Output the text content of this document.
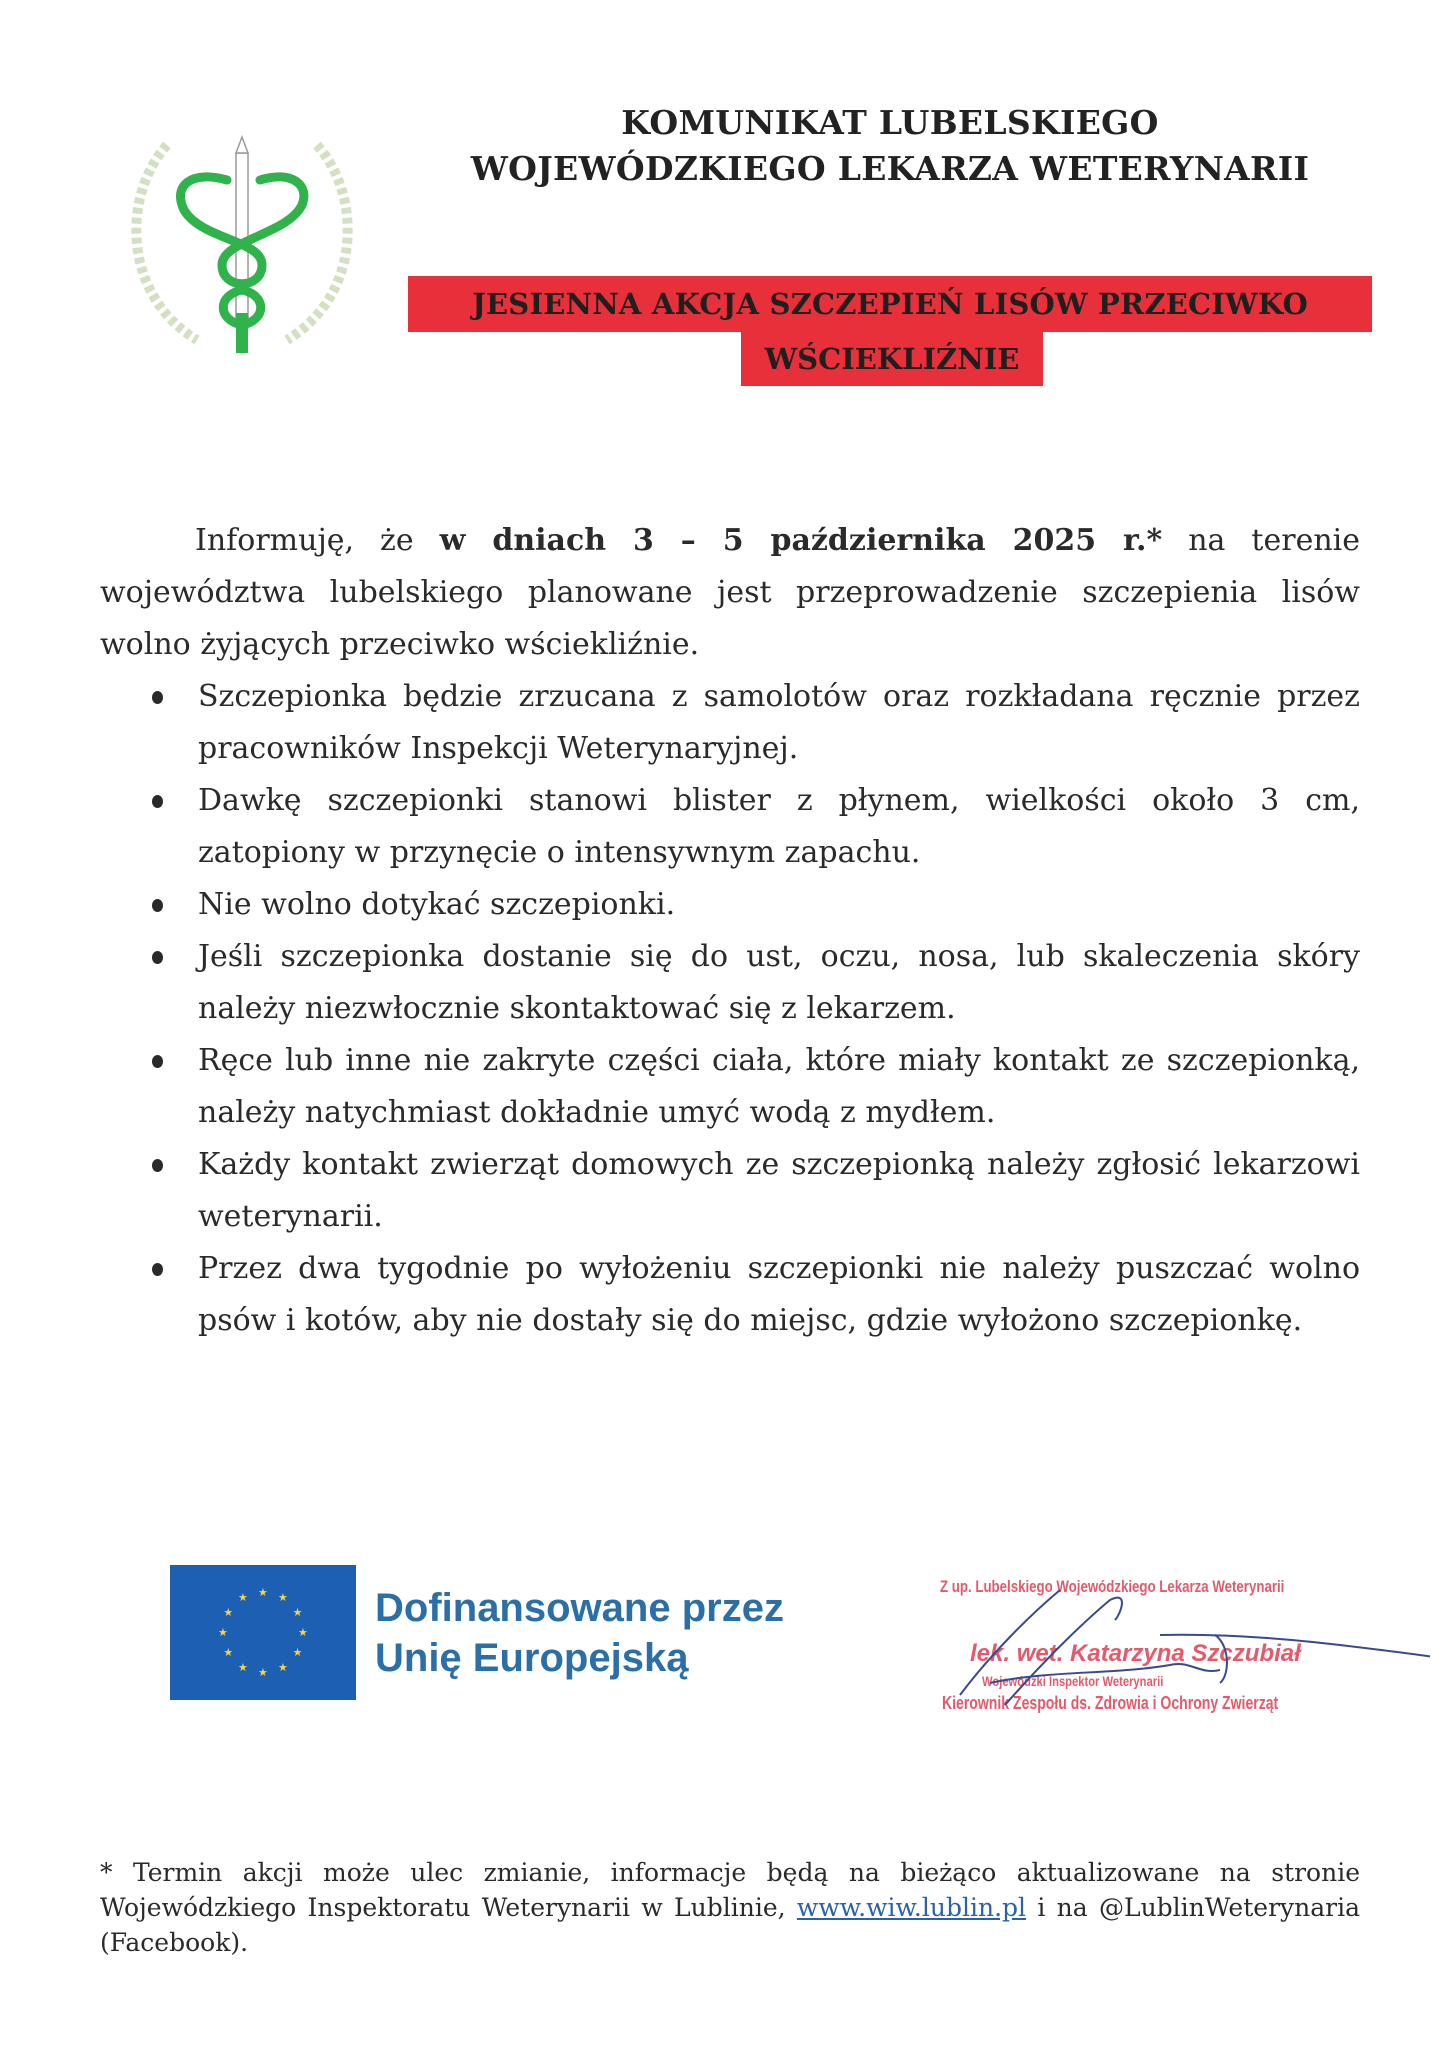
KOMUNIKAT LUBELSKIEGO
WOJEWÓDZKIEGO LEKARZA WETERYNARII
JESIENNA AKCJA SZCZEPIEŃ LISÓW PRZECIWKO
WŚCIEKLIŹNIE

Informuję, że w dniach 3 – 5 października 2025 r.* na terenie województwa lubelskiego planowane jest przeprowadzenie szczepienia lisów wolno żyjących przeciwko wściekliźnie.

Szczepionka będzie zrzucana z samolotów oraz rozkładana ręcznie przez pracowników Inspekcji Weterynaryjnej.
Dawkę szczepionki stanowi blister z płynem, wielkości około 3 cm, zatopiony w przynęcie o intensywnym zapachu.
Nie wolno dotykać szczepionki.
Jeśli szczepionka dostanie się do ust, oczu, nosa, lub skaleczenia skóry należy niezwłocznie skontaktować się z lekarzem.
Ręce lub inne nie zakryte części ciała, które miały kontakt ze szczepionką, należy natychmiast dokładnie umyć wodą z mydłem.
Każdy kontakt zwierząt domowych ze szczepionką należy zgłosić lekarzowi weterynarii.
Przez dwa tygodnie po wyłożeniu szczepionki nie należy puszczać wolno psów i kotów, aby nie dostały się do miejsc, gdzie wyłożono szczepionkę.
★ ★
★
★
★
★
★
★
★
★
★
★	Dofinansowane przez
Unię Europejską
Z up. Lubelskiego Wojewódzkiego Lekarza Weterynarii
lek. wet. Katarzyna Szczubiał
Wojewódzki Inspektor Weterynarii
Kierownik Zespołu ds. Zdrowia i Ochrony Zwierząt
* Termin akcji może ulec zmianie, informacje będą na bieżąco aktualizowane na stronie Wojewódzkiego Inspektoratu Weterynarii w Lublinie, www.wiw.lublin.pl i na @LublinWeterynaria (Facebook).
